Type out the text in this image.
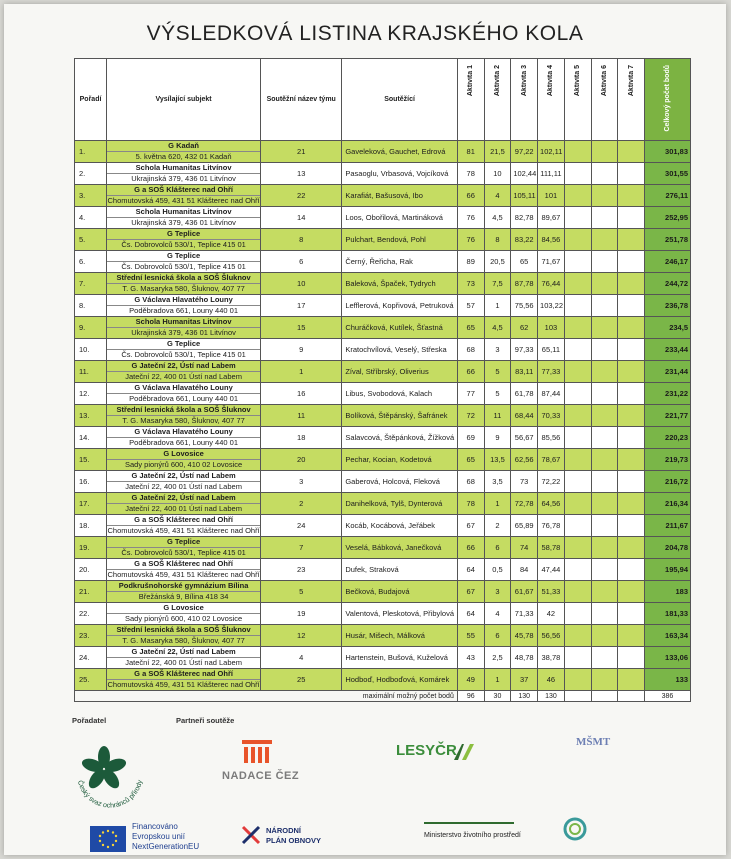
VÝSLEDKOVÁ LISTINA KRAJSKÉHO KOLA
Pořadí	Vysílající subjekt	Soutěžní název týmu	Soutěžící	Aktivita 1	Aktivita 2	Aktivita 3	Aktivita 4	Aktivita 5	Aktivita 6	Aktivita 7	Celkový počet bodů
1.	G Kadaň
5. května 620, 432 01 Kadaň	21	Gaveleková, Gauchet, Edrová	81	21,5	97,22	102,11				301,83
2.	Schola Humanitas Litvínov
Ukrajinská 379, 436 01 Litvínov	13	Pasaoglu, Vrbasová, Vojcíková	78	10	102,44	111,11				301,55
3.	G a SOŠ Klášterec nad Ohří
Chomutovská 459, 431 51 Klášterec nad Ohří	22	Karafiát, Bašusová, Ibo	66	4	105,11	101				276,11
4.	Schola Humanitas Litvínov
Ukrajinská 379, 436 01 Litvínov	14	Loos, Obořilová, Martináková	76	4,5	82,78	89,67				252,95
5.	G Teplice
Čs. Dobrovolců 530/1, Teplice 415 01	8	Pulchart, Bendová, Pohl	76	8	83,22	84,56				251,78
6.	G Teplice
Čs. Dobrovolců 530/1, Teplice 415 01	6	Černý, Řeřicha, Rak	89	20,5	65	71,67				246,17
7.	Střední lesnická škola a SOŠ Šluknov
T. G. Masaryka 580, Šluknov, 407 77	10	Baleková, Špaček, Tydrych	73	7,5	87,78	76,44				244,72
8.	G Václava Hlavatého Louny
Poděbradova 661, Louny 440 01	17	Lefflerová, Kopřivová, Petruková	57	1	75,56	103,22				236,78
9.	Schola Humanitas Litvínov
Ukrajinská 379, 436 01 Litvínov	15	Churáčková, Kutílek, Šťastná	65	4,5	62	103				234,5
10.	G Teplice
Čs. Dobrovolců 530/1, Teplice 415 01	9	Kratochvílová, Veselý, Střeska	68	3	97,33	65,11				233,44
11.	G Jateční 22, Ústí nad Labem
Jateční 22, 400 01 Ústí nad Labem	1	Zíval, Stříbrský, Oliverius	66	5	83,11	77,33				231,44
12.	G Václava Hlavatého Louny
Poděbradova 661, Louny 440 01	16	Libus, Svobodová, Kalach	77	5	61,78	87,44				231,22
13.	Střední lesnická škola a SOŠ Šluknov
T. G. Masaryka 580, Šluknov, 407 77	11	Bolíková, Štěpánský, Šafránek	72	11	68,44	70,33				221,77
14.	G Václava Hlavatého Louny
Poděbradova 661, Louny 440 01	18	Salavcová, Štěpánková, Žížková	69	9	56,67	85,56				220,23
15.	G Lovosice
Sady pionýrů 600, 410 02 Lovosice	20	Pechar, Kocian, Kodetová	65	13,5	62,56	78,67				219,73
16.	G Jateční 22, Ústí nad Labem
Jateční 22, 400 01 Ústí nad Labem	3	Gaberová, Holcová, Fleková	68	3,5	73	72,22				216,72
17.	G Jateční 22, Ústí nad Labem
Jateční 22, 400 01 Ústí nad Labem	2	Danihelková, Tylš, Dynterová	78	1	72,78	64,56				216,34
18.	G a SOŠ Klášterec nad Ohří
Chomutovská 459, 431 51 Klášterec nad Ohří	24	Kocáb, Kocábová, Jeřábek	67	2	65,89	76,78				211,67
19.	G Teplice
Čs. Dobrovolců 530/1, Teplice 415 01	7	Veselá, Bábková, Janečková	66	6	74	58,78				204,78
20.	G a SOŠ Klášterec nad Ohří
Chomutovská 459, 431 51 Klášterec nad Ohří	23	Dufek, Straková	64	0,5	84	47,44				195,94
21.	Podkrušnohorské gymnázium Bílina
Břežánská 9, Bílina 418 34	5	Bečková, Budajová	67	3	61,67	51,33				183
22.	G Lovosice
Sady pionýrů 600, 410 02 Lovosice	19	Valentová, Pleskotová, Přibylová	64	4	71,33	42				181,33
23.	Střední lesnická škola a SOŠ Šluknov
T. G. Masaryka 580, Šluknov, 407 77	12	Husár, Mišech, Málková	55	6	45,78	56,56				163,34
24.	G Jateční 22, Ústí nad Labem
Jateční 22, 400 01 Ústí nad Labem	4	Hartenstein, Bušová, Kuželová	43	2,5	48,78	38,78				133,06
25.	G a SOŠ Klášterec nad Ohří
Chomutovská 459, 431 51 Klášterec nad Ohří	25	Hodboď, Hodboďová, Komárek	49	1	37	46				133
maximální možný počet bodů				96	30	130	130				386
Pořadatel	Partneři soutěže
Český svaz ochránců přírody	NADACE ČEZ
LESYČR	MŠMT
Financováno
Evropskou unií
NextGenerationEU
NÁRODNÍ
PLÁN OBNOVY
Ministerstvo životního prostředí
